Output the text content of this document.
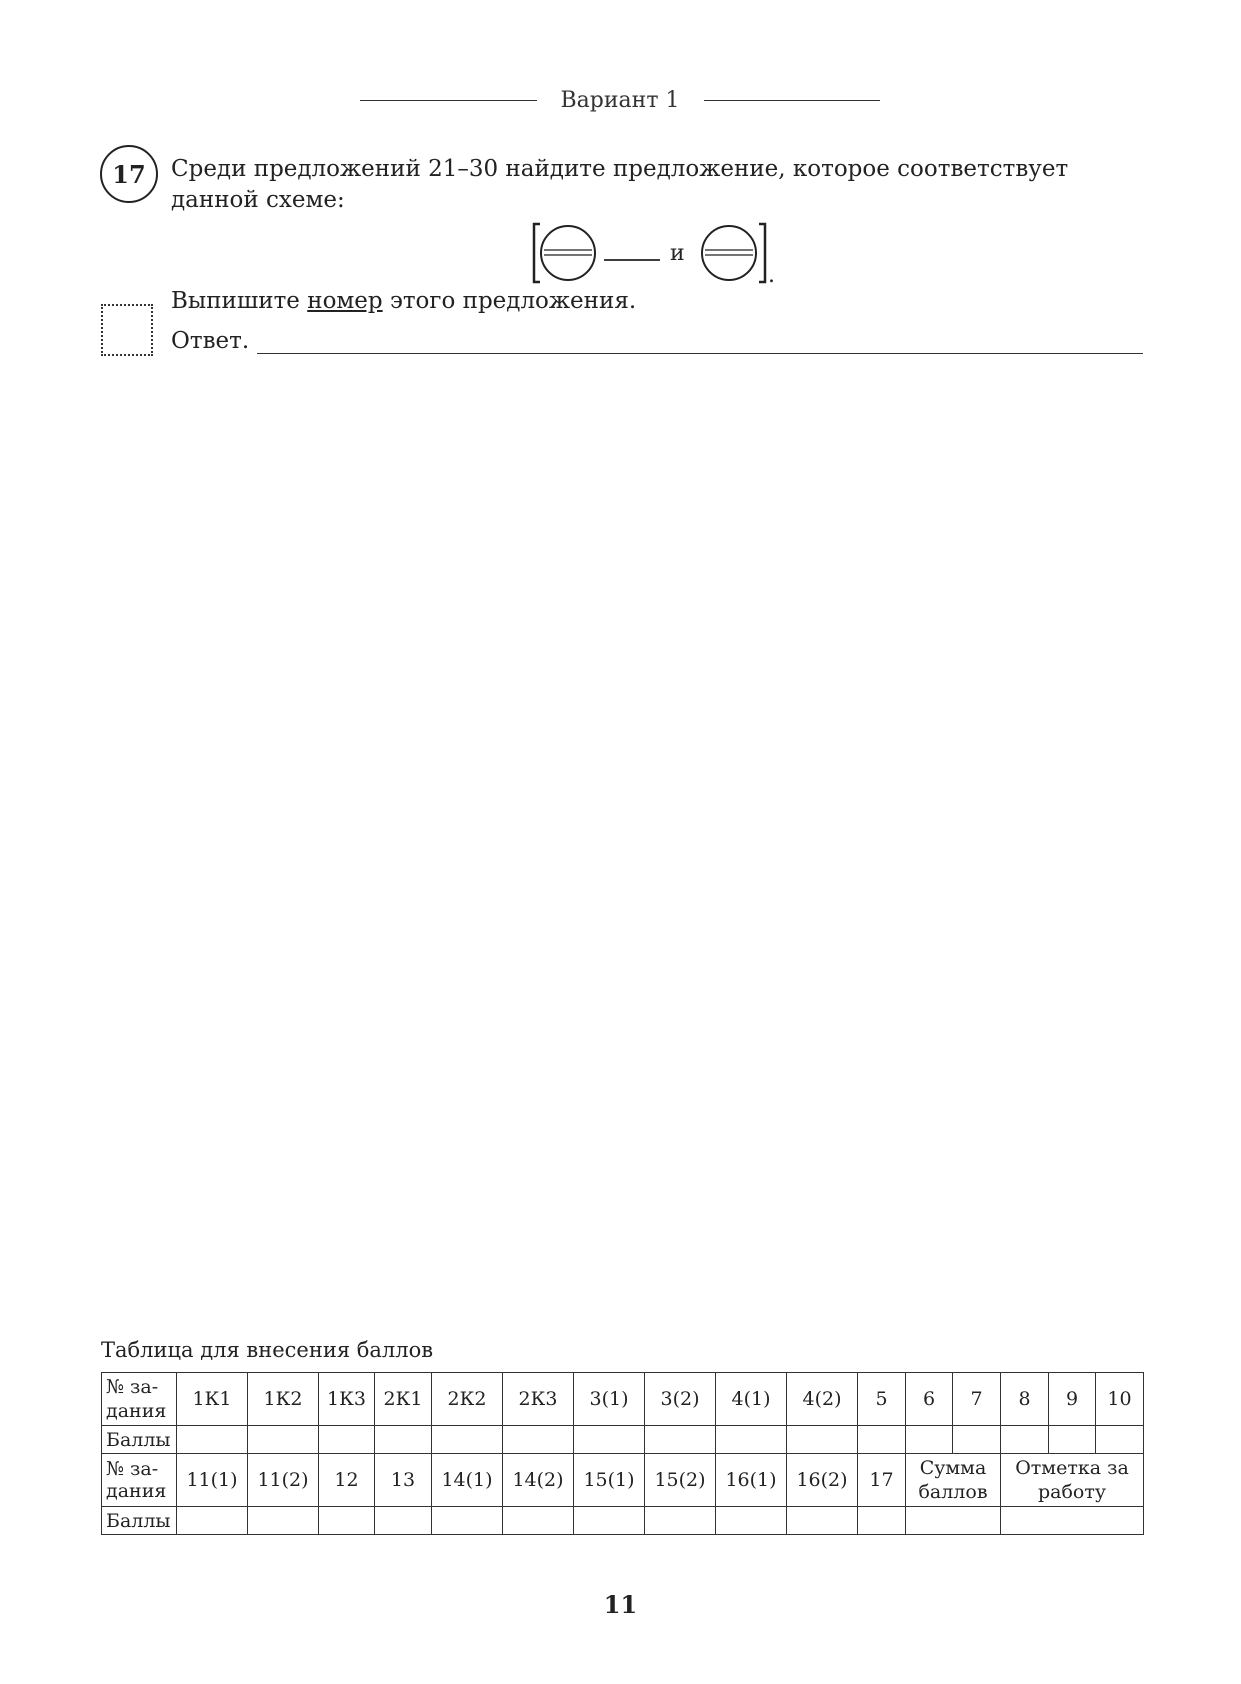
Вариант 1
17	Среди предложений 21–30 найдите предложение, которое соответствует данной схеме:
и
.
Выпишите номер этого предложения.
Ответ.
Таблица для внесения баллов
№ за- дания	1К1	1К2	1К3	2К1	2К2	2К3	3(1)	3(2)	4(1)	4(2)	5	6	7	8	9	10
Баллы																
№ за- дания	11(1)	11(2)	12	13	14(1)	14(2)	15(1)	15(2)	16(1)	16(2)	17	Сумма баллов		Отметка за работу		
Баллы																
11
